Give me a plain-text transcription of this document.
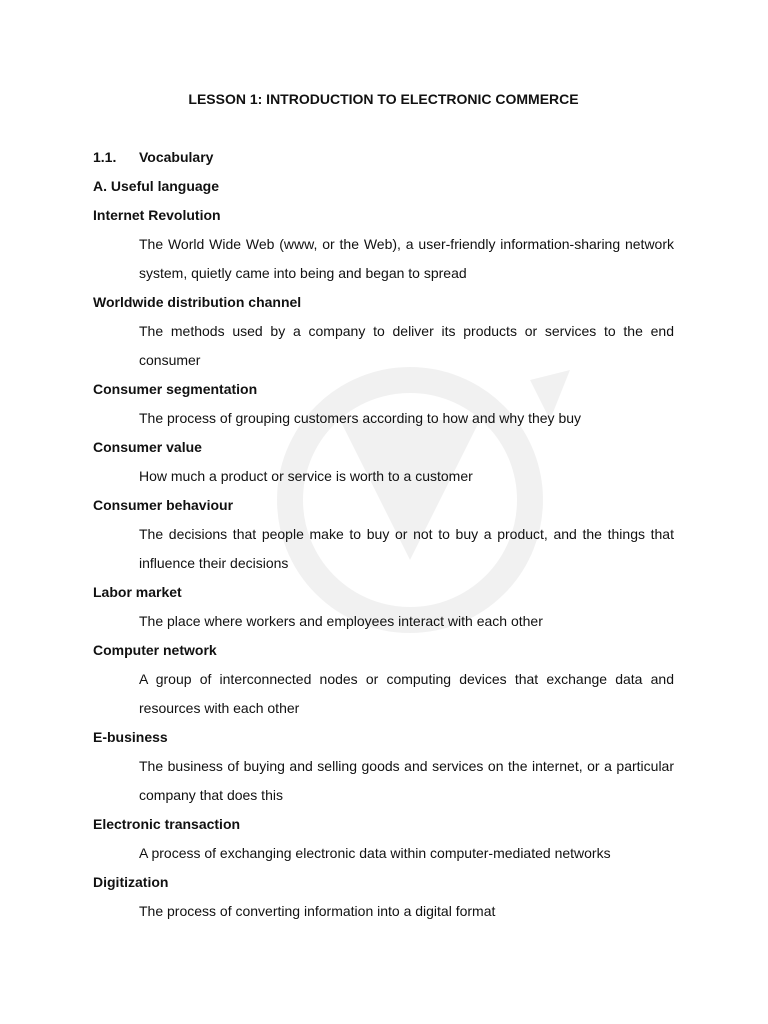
LESSON 1: INTRODUCTION TO ELECTRONIC COMMERCE
1.1.	Vocabulary
A. Useful language
Internet Revolution
The World Wide Web (www, or the Web), a user-friendly information-sharing network system, quietly came into being and began to spread
Worldwide distribution channel
The methods used by a company to deliver its products or services to the end consumer
Consumer segmentation
The process of grouping customers according to how and why they buy
Consumer value
How much a product or service is worth to a customer
Consumer behaviour
The decisions that people make to buy or not to buy a product, and the things that influence their decisions
Labor market
The place where workers and employees interact with each other
Computer network
A group of interconnected nodes or computing devices that exchange data and resources with each other
E-business
The business of buying and selling goods and services on the internet, or a particular company that does this
Electronic transaction
A process of exchanging electronic data within computer-mediated networks
Digitization
The process of converting information into a digital format
